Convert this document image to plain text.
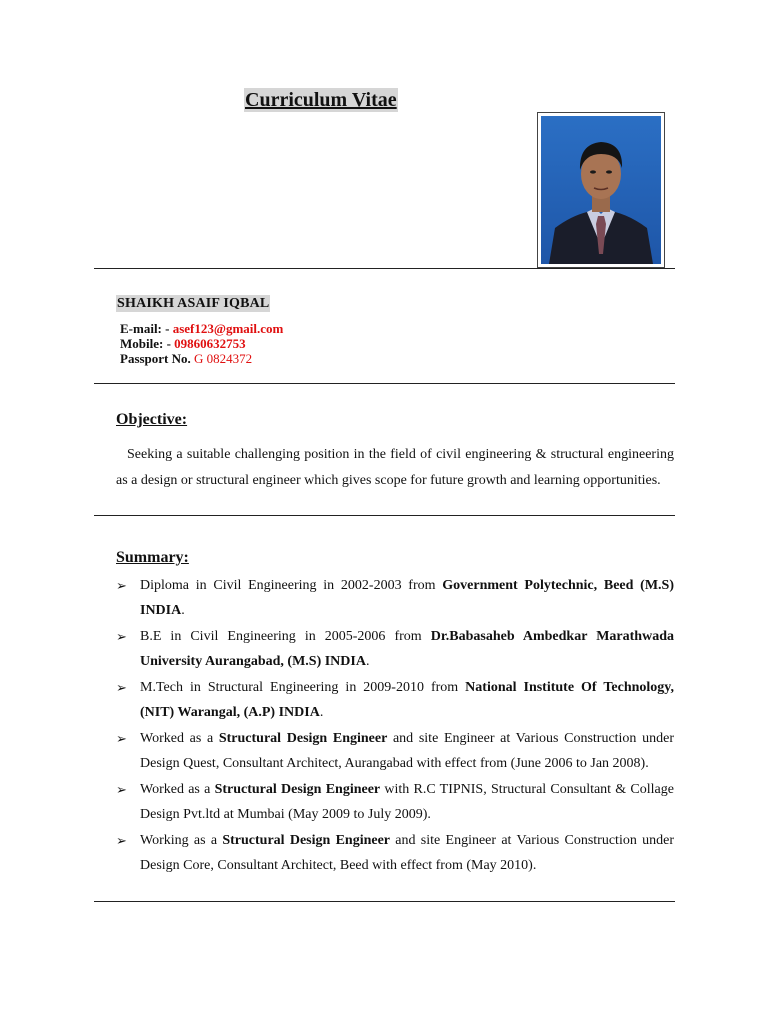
Curriculum Vitae
SHAIKH ASAIF IQBAL
E-mail: - asef123@gmail.com
Mobile: - 09860632753
Passport No. G 0824372
Objective:
Seeking a suitable challenging position in the field of civil engineering & structural engineering as a design or structural engineer which gives scope for future growth and learning opportunities.
Summary:
➢ Diploma in Civil Engineering in 2002-2003 from Government Polytechnic, Beed (M.S) INDIA.
➢ B.E in Civil Engineering in 2005-2006 from Dr.Babasaheb Ambedkar Marathwada University Aurangabad, (M.S) INDIA.
➢ M.Tech in Structural Engineering in 2009-2010 from National Institute Of Technology, (NIT) Warangal, (A.P) INDIA.
➢ Worked as a Structural Design Engineer and site Engineer at Various Construction under Design Quest, Consultant Architect, Aurangabad with effect from (June 2006 to Jan 2008).
➢ Worked as a Structural Design Engineer with R.C TIPNIS, Structural Consultant & Collage Design Pvt.ltd at Mumbai (May 2009 to July 2009).
➢ Working as a Structural Design Engineer and site Engineer at Various Construction under Design Core, Consultant Architect, Beed with effect from (May 2010).
